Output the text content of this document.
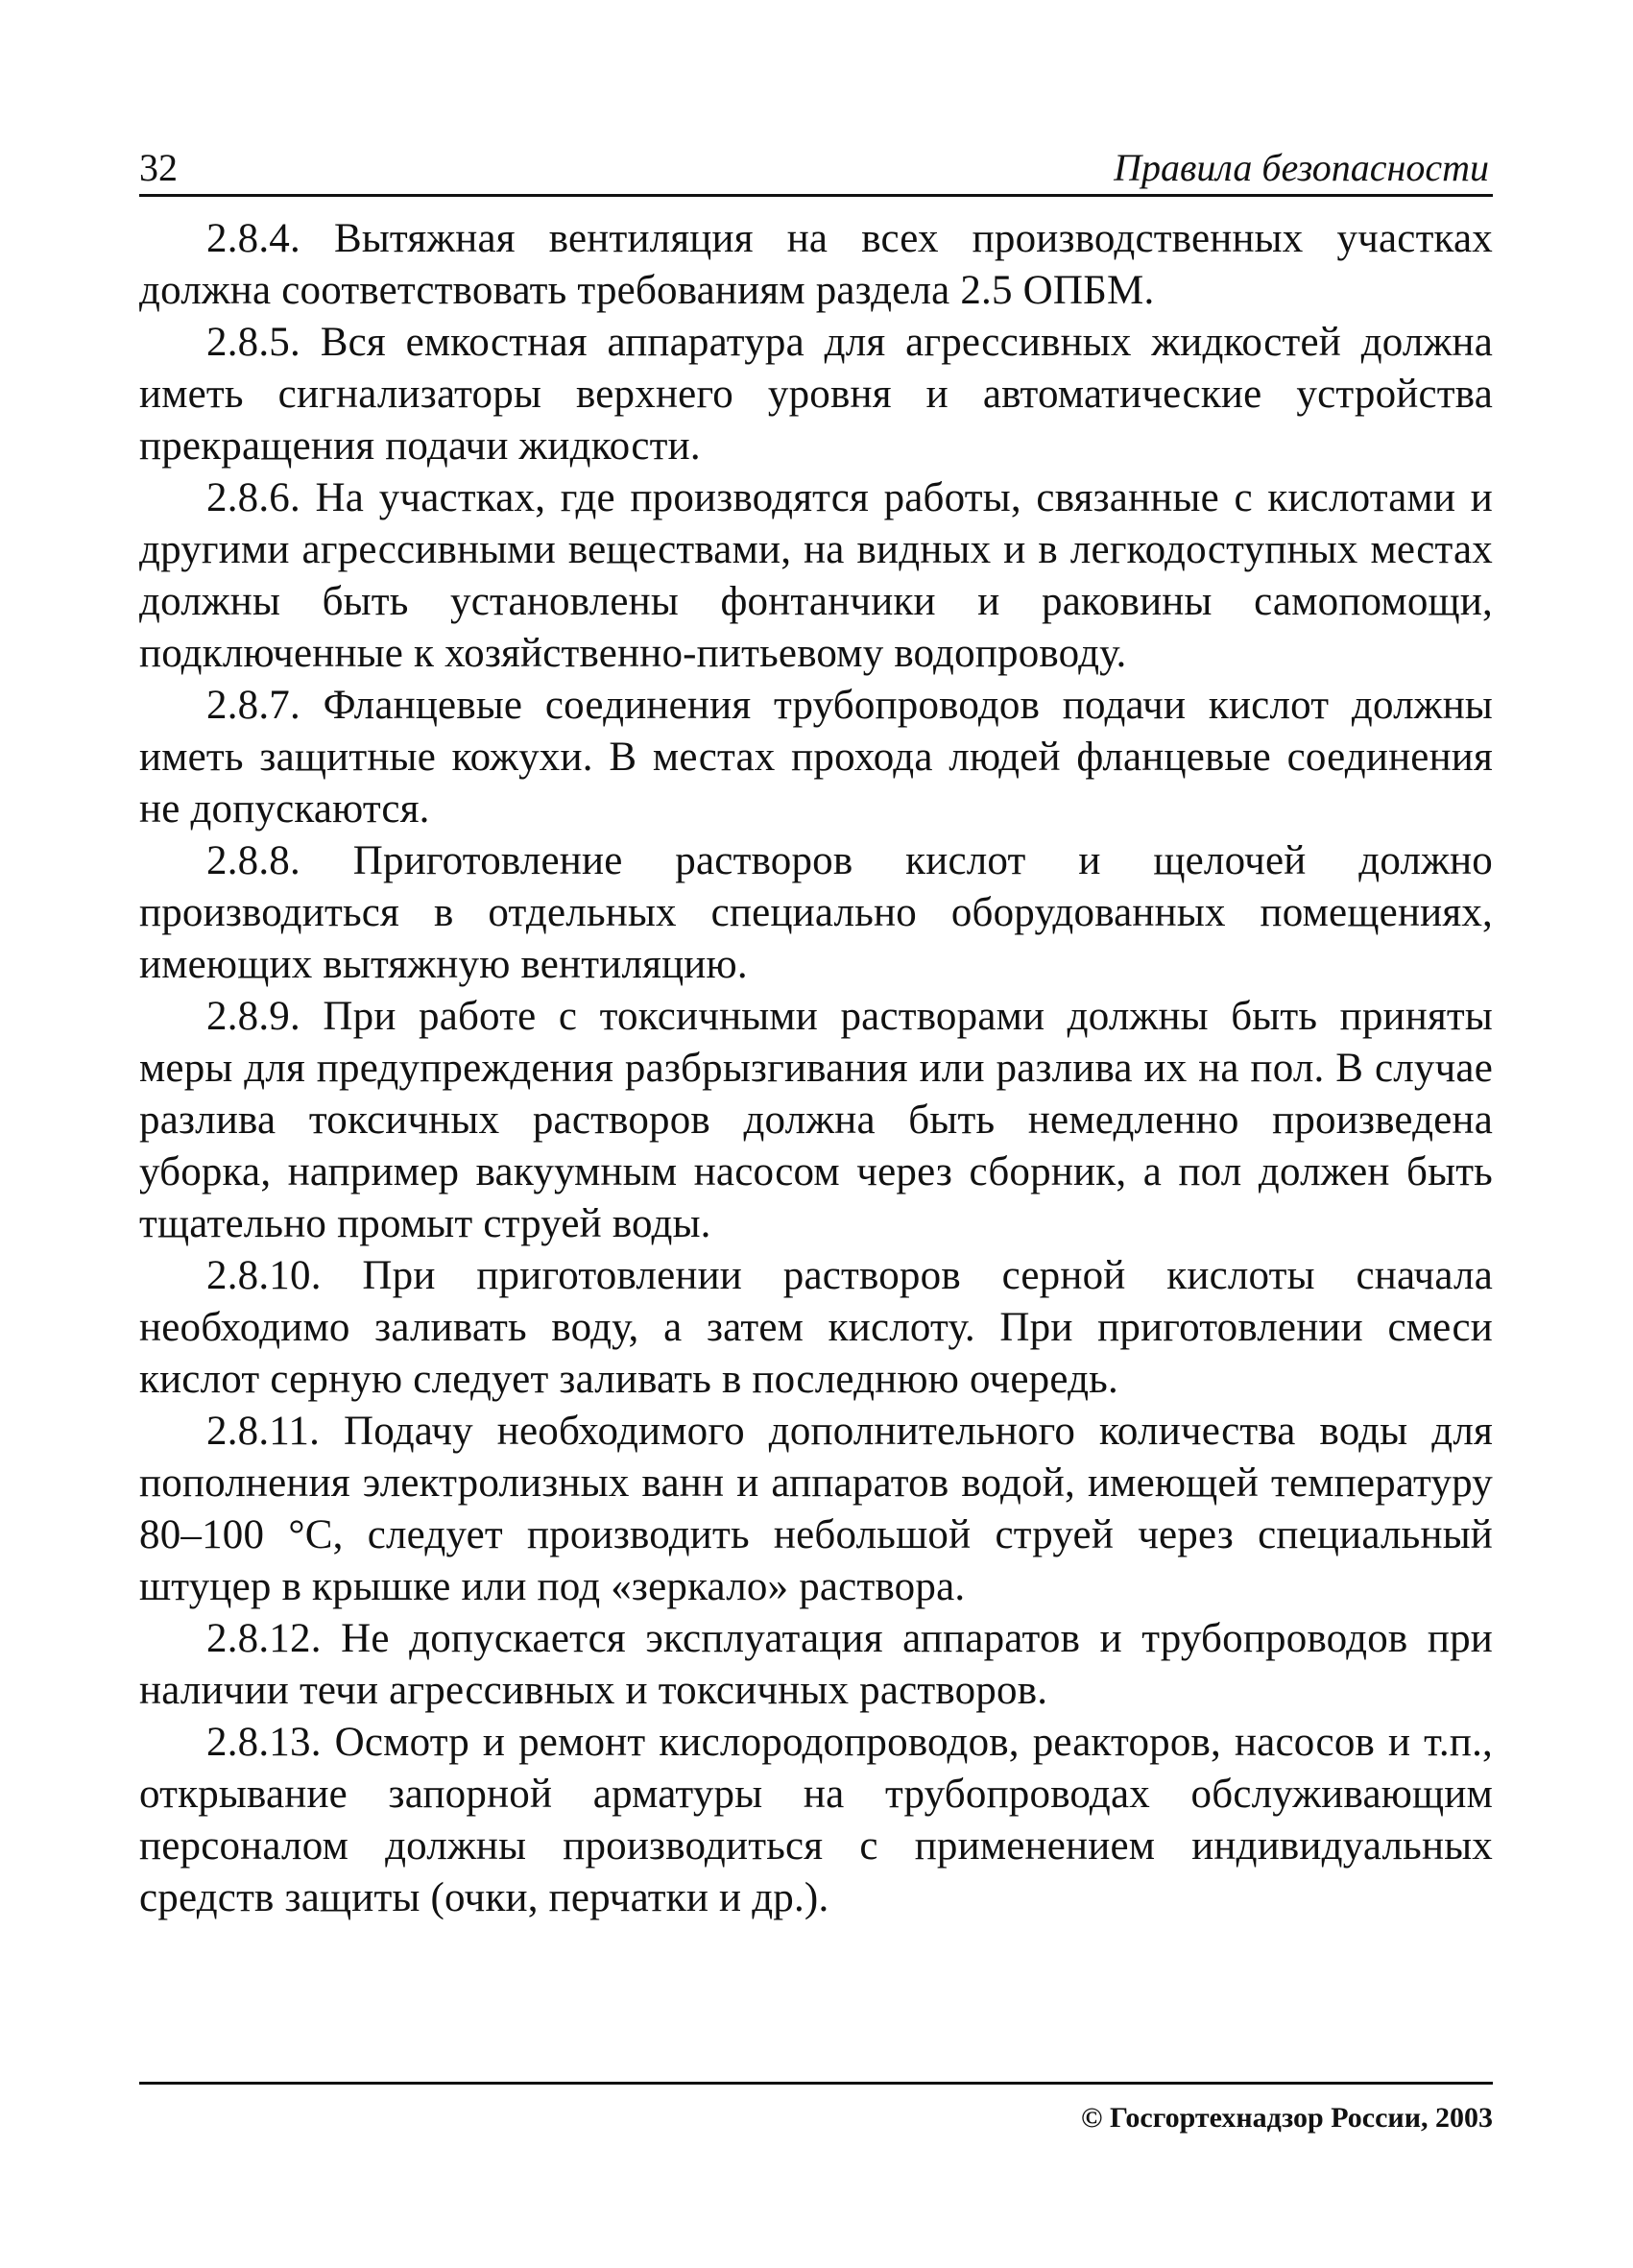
32	Правила безопасности

2.8.4. Вытяжная вентиляция на всех производственных участках должна соответствовать требованиям раздела 2.5 ОПБМ.

2.8.5. Вся емкостная аппаратура для агрессивных жидкостей должна иметь сигнализаторы верхнего уровня и автоматические устройства прекращения подачи жидкости.

2.8.6. На участках, где производятся работы, связанные с кислотами и другими агрессивными веществами, на видных и в легкодоступных местах должны быть установлены фонтанчики и раковины самопомощи, подключенные к хозяйственно-питьевому водопроводу.

2.8.7. Фланцевые соединения трубопроводов подачи кислот должны иметь защитные кожухи. В местах прохода людей фланцевые соединения не допускаются.

2.8.8. Приготовление растворов кислот и щелочей должно производиться в отдельных специально оборудованных помещениях, имеющих вытяжную вентиляцию.

2.8.9. При работе с токсичными растворами должны быть приняты меры для предупреждения разбрызгивания или разлива их на пол. В случае разлива токсичных растворов должна быть немедленно произведена уборка, например вакуумным насосом через сборник, а пол должен быть тщательно промыт струей воды.

2.8.10. При приготовлении растворов серной кислоты сначала необходимо заливать воду, а затем кислоту. При приготовлении смеси кислот серную следует заливать в последнюю очередь.

2.8.11. Подачу необходимого дополнительного количества воды для пополнения электролизных ванн и аппаратов водой, имеющей температуру 80–100 °С, следует производить небольшой струей через специальный штуцер в крышке или под «зеркало» раствора.

2.8.12. Не допускается эксплуатация аппаратов и трубопроводов при наличии течи агрессивных и токсичных растворов.

2.8.13. Осмотр и ремонт кислородопроводов, реакторов, насосов и т.п., открывание запорной арматуры на трубопроводах обслуживающим персоналом должны производиться с применением индивидуальных средств защиты (очки, перчатки и др.).

© Госгортехнадзор России, 2003
